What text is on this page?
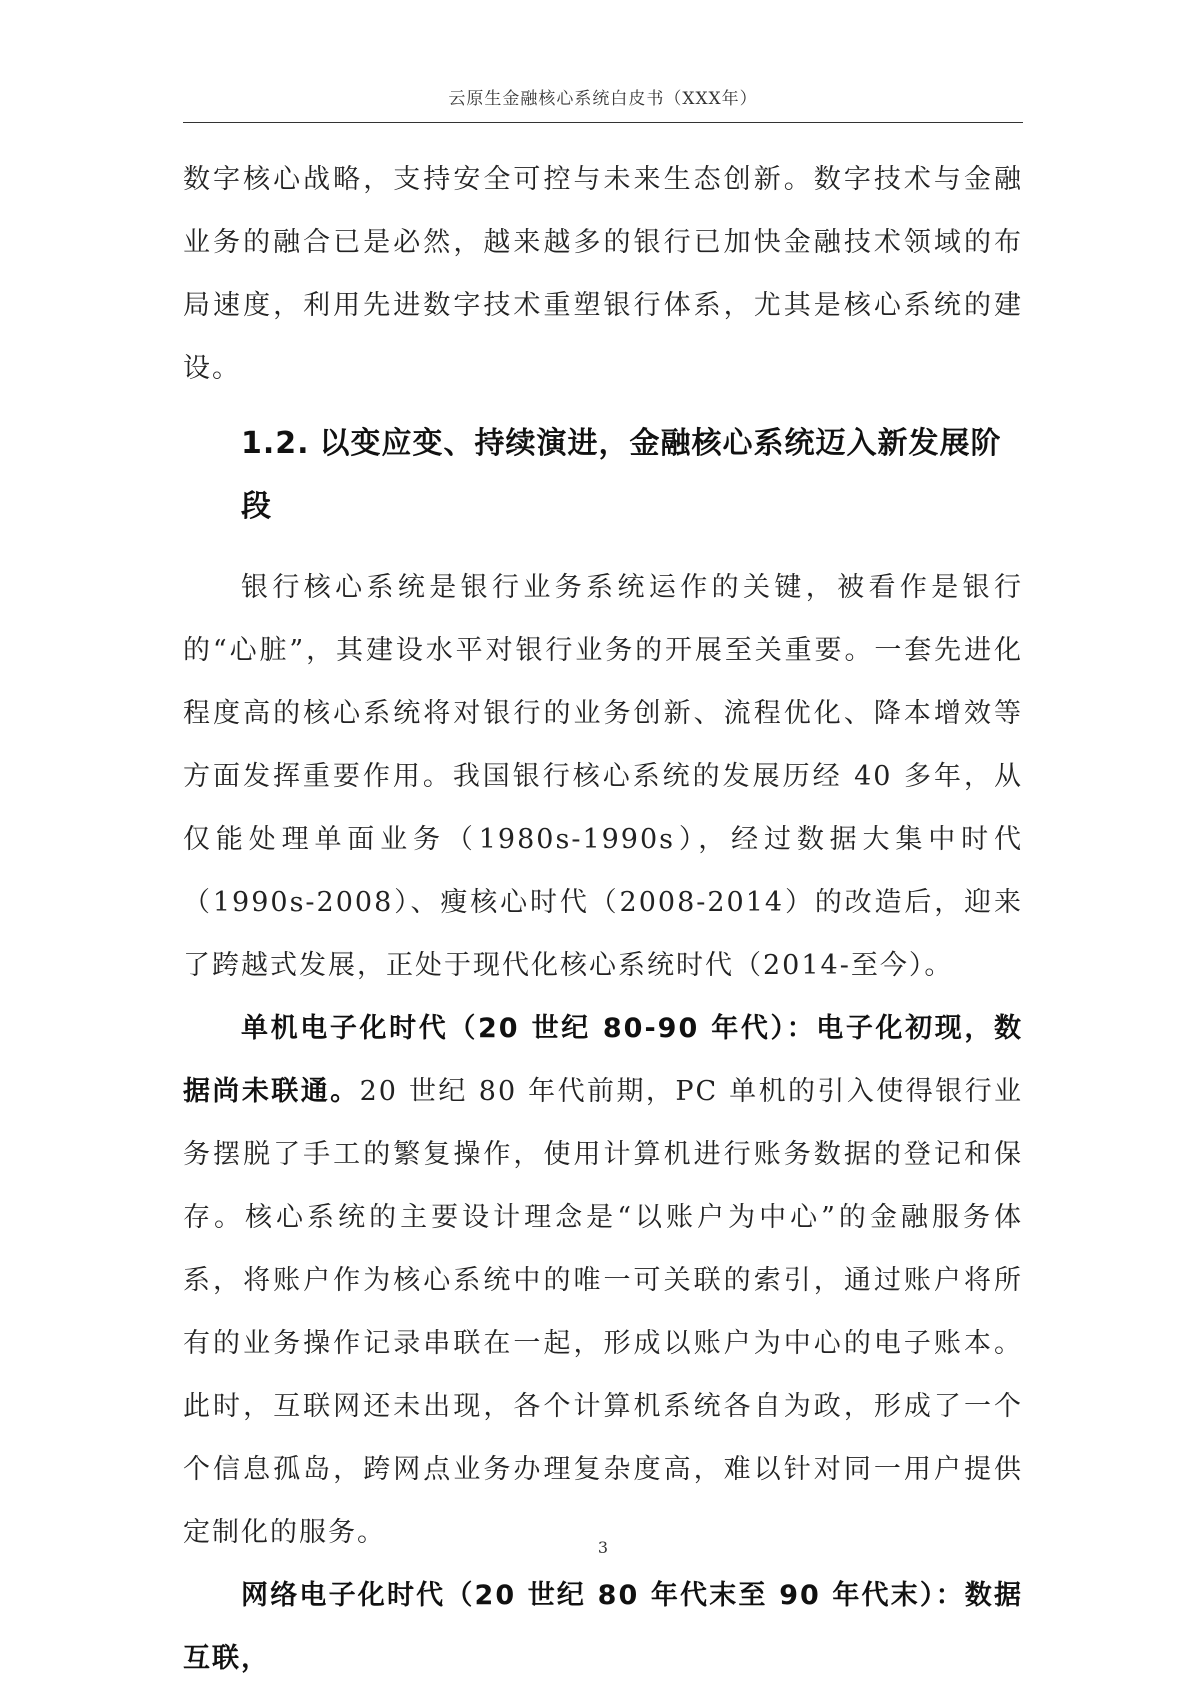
云原生金融核心系统白皮书（XXX年）

数字核心战略，支持安全可控与未来生态创新。数字技术与金融业务的融合已是必然，越来越多的银行已加快金融技术领域的布局速度，利用先进数字技术重塑银行体系，尤其是核心系统的建设。

1.2. 以变应变、持续演进，金融核心系统迈入新发展阶
段

银行核心系统是银行业务系统运作的关键，被看作是银行的“心脏”，其建设水平对银行业务的开展至关重要。一套先进化程度高的核心系统将对银行的业务创新、流程优化、降本增效等方面发挥重要作用。我国银行核心系统的发展历经 40 多年，从仅能处理单面业务（1980s-1990s），经过数据大集中时代（1990s-2008）、瘦核心时代（2008-2014）的改造后，迎来了跨越式发展，正处于现代化核心系统时代（2014-至今）。

单机电子化时代（20 世纪 80-90 年代）：电子化初现，数据尚未联通。20 世纪 80 年代前期，PC 单机的引入使得银行业务摆脱了手工的繁复操作，使用计算机进行账务数据的登记和保存。核心系统的主要设计理念是“以账户为中心”的金融服务体系，将账户作为核心系统中的唯一可关联的索引，通过账户将所有的业务操作记录串联在一起，形成以账户为中心的电子账本。此时，互联网还未出现，各个计算机系统各自为政，形成了一个个信息孤岛，跨网点业务办理复杂度高，难以针对同一用户提供定制化的服务。

网络电子化时代（20 世纪 80 年代末至 90 年代末）：数据互联，

3
